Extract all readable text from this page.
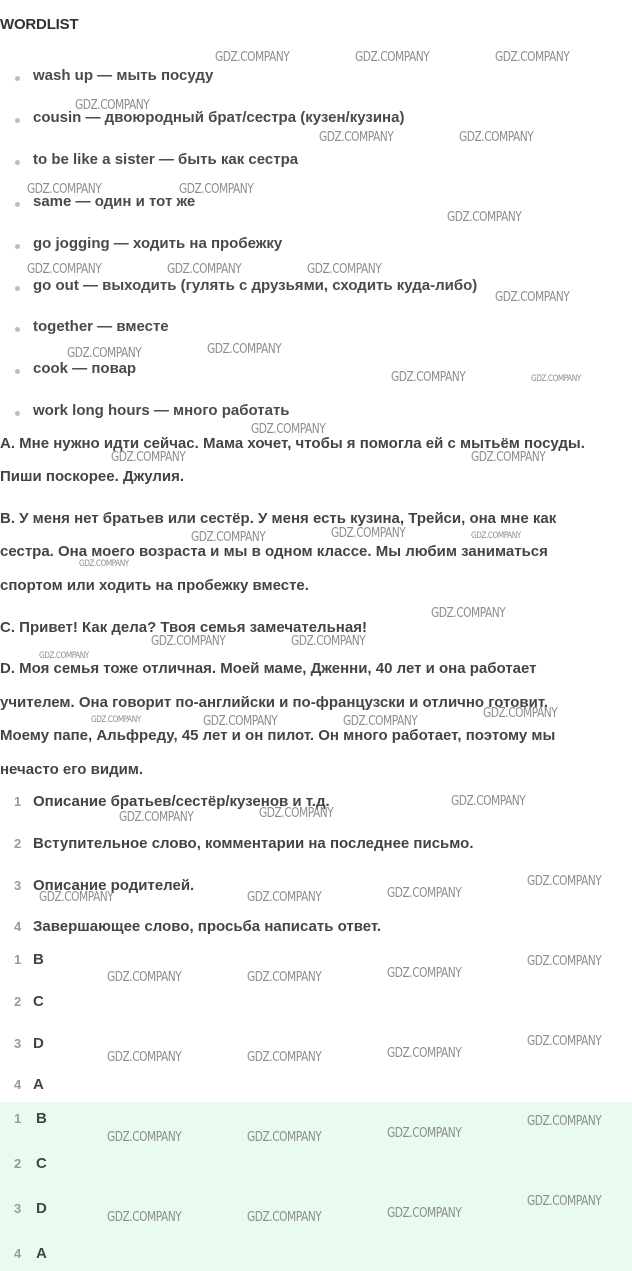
WORDLIST
wash up — мыть посуду
cousin — двоюродный брат/сестра (кузен/кузина)
to be like a sister — быть как сестра
same — один и тот же
go jogging — ходить на пробежку
go out — выходить (гулять с друзьями, сходить куда-либо)
together — вместе
cook — повар
work long hours — много работать
A. Мне нужно идти сейчас. Мама хочет, чтобы я помогла ей с мытьём посуды.
Пиши поскорее. Джулия.
B. У меня нет братьев или сестёр. У меня есть кузина, Трейси, она мне как
сестра. Она моего возраста и мы в одном классе. Мы любим заниматься
спортом или ходить на пробежку вместе.
C. Привет! Как дела? Твоя семья замечательная!
D. Моя семья тоже отличная. Моей маме, Дженни, 40 лет и она работает
учителем. Она говорит по-английски и по-французски и отлично готовит.
Моему папе, Альфреду, 45 лет и он пилот. Он много работает, поэтому мы
нечасто его видим.
1 Описание братьев/сестёр/кузенов и т.д.
2 Вступительное слово, комментарии на последнее письмо.
3 Описание родителей.
4 Завершающее слово, просьба написать ответ.
1 B
2 C
3 D
4 A
1 B
2 C
3 D
4 A
GDZ.COMPANY	GDZ.COMPANY	GDZ.COMPANY
GDZ.COMPANY
GDZ.COMPANY	GDZ.COMPANY
GDZ.COMPANY	GDZ.COMPANY
GDZ.COMPANY
GDZ.COMPANY	GDZ.COMPANY	GDZ.COMPANY
GDZ.COMPANY
GDZ.COMPANY	GDZ.COMPANY
GDZ.COMPANY	GDZ.COMPANY
GDZ.COMPANY
GDZ.COMPANY	GDZ.COMPANY
GDZ.COMPANY	GDZ.COMPANY	GDZ.COMPANY
GDZ.COMPANY
GDZ.COMPANY
GDZ.COMPANY	GDZ.COMPANY
GDZ.COMPANY
GDZ.COMPANY	GDZ.COMPANY	GDZ.COMPANY
GDZ.COMPANY
GDZ.COMPANY
GDZ.COMPANY	GDZ.COMPANY
GDZ.COMPANY
GDZ.COMPANY	GDZ.COMPANY	GDZ.COMPANY
GDZ.COMPANY
GDZ.COMPANY	GDZ.COMPANY	GDZ.COMPANY
GDZ.COMPANY
GDZ.COMPANY	GDZ.COMPANY	GDZ.COMPANY
GDZ.COMPANY
GDZ.COMPANY	GDZ.COMPANY	GDZ.COMPANY
GDZ.COMPANY
GDZ.COMPANY	GDZ.COMPANY	GDZ.COMPANY
